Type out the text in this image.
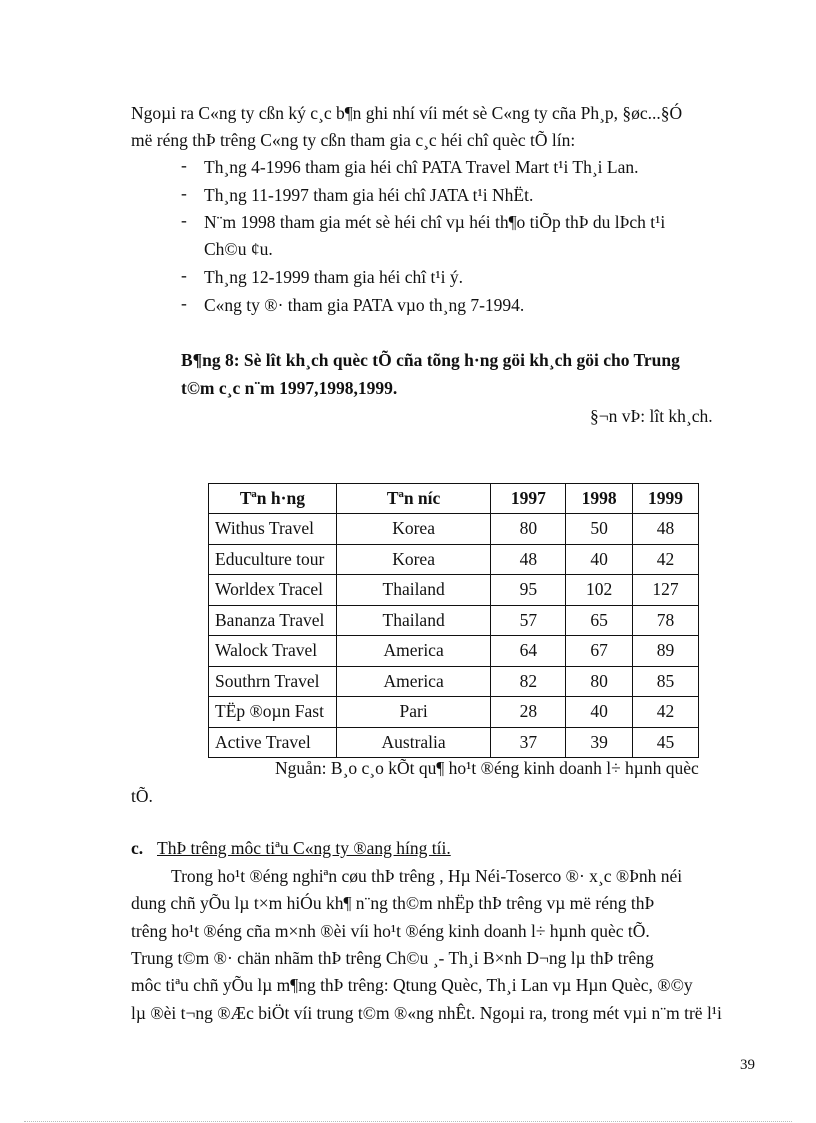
Ngoµi ra C«ng ty cßn ký c¸c b¶n ghi nhí víi mét sè C«ng ty cña Ph¸p, §øc...§Ó
më réng thÞ trêng C«ng ty cßn tham gia c¸c héi chî quèc tÕ lín:
- Th¸ng 4-1996 tham gia héi chî PATA Travel Mart t¹i Th¸i Lan.
- Th¸ng 11-1997 tham gia héi chî JATA t¹i NhËt.
- N¨m 1998 tham gia mét sè héi chî vµ héi th¶o tiÕp thÞ du lÞch t¹i
Ch©u ¢u.
- Th¸ng 12-1999 tham gia héi chî t¹i ý.
- C«ng ty ®· tham gia PATA vµo th¸ng 7-1994.
B¶ng 8: Sè lît kh¸ch quèc tÕ cña tõng h·ng göi kh¸ch göi cho Trung
t©m c¸c n¨m 1997,1998,1999.
§¬n vÞ: lît kh¸ch.
Tªn h·ng	Tªn níc	1997	1998	1999
Withus Travel	Korea	80	50	48
Educulture tour	Korea	48	40	42
Worldex Tracel	Thailand	95	102	127
Bananza Travel	Thailand	57	65	78
Walock Travel	America	64	67	89
Southrn Travel	America	82	80	85
TËp ®oµn Fast	Pari	28	40	42
Active Travel	Australia	37	39	45
Nguån: B¸o c¸o kÕt qu¶ ho¹t ®éng kinh doanh l÷ hµnh quèc
tÕ.
c. ThÞ trêng môc tiªu C«ng ty ®ang híng tíi.
Trong ho¹t ®éng nghiªn cøu thÞ trêng , Hµ Néi-Toserco ®· x¸c ®Þnh néi
dung chñ yÕu lµ t×m hiÓu kh¶ n¨ng th©m nhËp thÞ trêng vµ më réng thÞ
trêng ho¹t ®éng cña m×nh ®èi víi ho¹t ®éng kinh doanh l÷ hµnh quèc tÕ.
Trung t©m ®· chän nhãm thÞ trêng Ch©u ¸- Th¸i B×nh D¬ng lµ thÞ trêng
môc tiªu chñ yÕu lµ m¶ng thÞ trêng: Qtung Quèc, Th¸i Lan vµ Hµn Quèc, ®©y
lµ ®èi t¬ng ®Æc biÖt víi trung t©m ®«ng nhÊt. Ngoµi ra, trong mét vµi n¨m trë l¹i
39
